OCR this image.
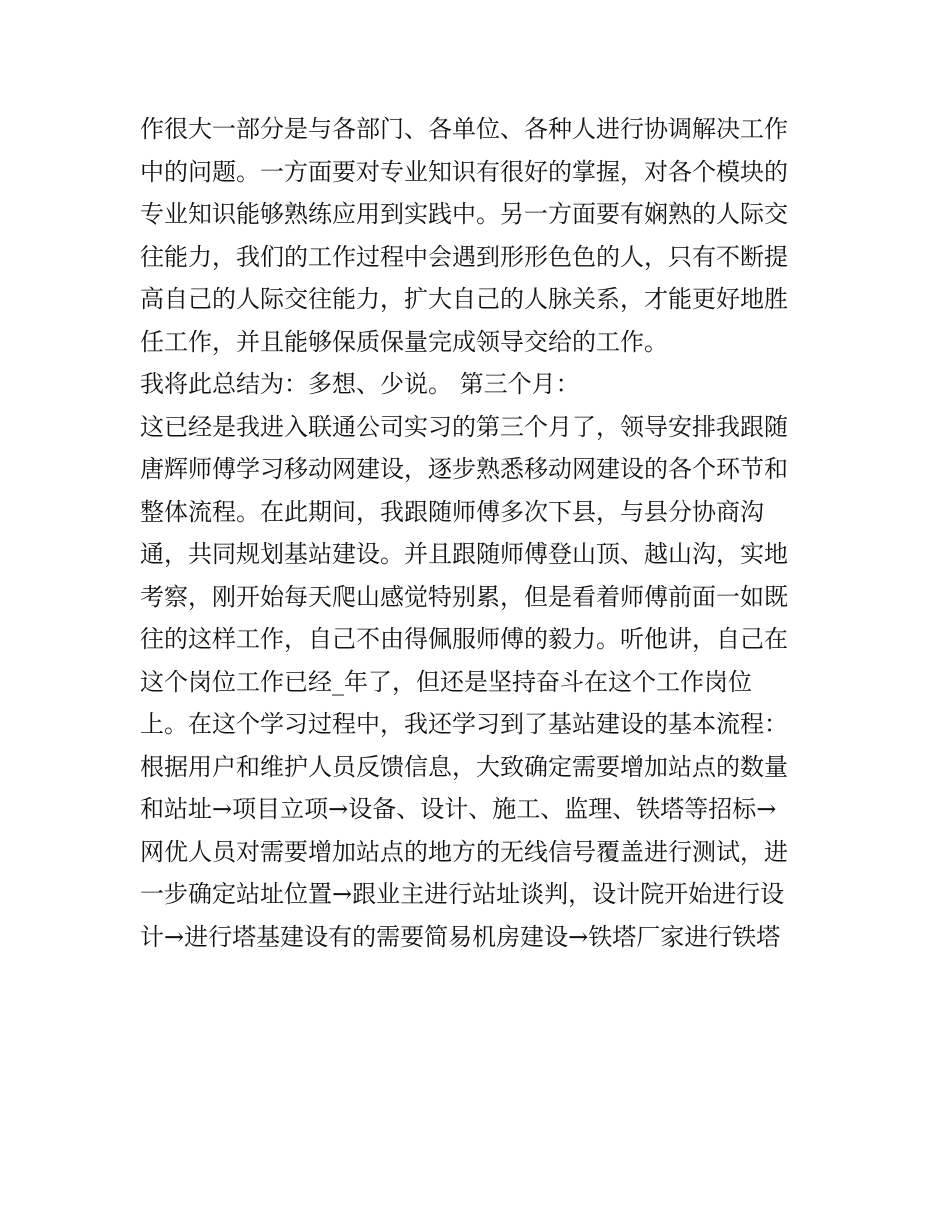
作很大一部分是与各部门、各单位、各种人进行协调解决工作
中的问题。一方面要对专业知识有很好的掌握，对各个模块的
专业知识能够熟练应用到实践中。另一方面要有娴熟的人际交
往能力，我们的工作过程中会遇到形形色色的人，只有不断提
高自己的人际交往能力，扩大自己的人脉关系，才能更好地胜
任工作，并且能够保质保量完成领导交给的工作。
我将此总结为：多想、少说。 第三个月：
这已经是我进入联通公司实习的第三个月了，领导安排我跟随
唐辉师傅学习移动网建设，逐步熟悉移动网建设的各个环节和
整体流程。在此期间，我跟随师傅多次下县，与县分协商沟
通，共同规划基站建设。并且跟随师傅登山顶、越山沟，实地
考察，刚开始每天爬山感觉特别累，但是看着师傅前面一如既
往的这样工作，自己不由得佩服师傅的毅力。听他讲，自己在
这个岗位工作已经_年了，但还是坚持奋斗在这个工作岗位
上。在这个学习过程中，我还学习到了基站建设的基本流程：
根据用户和维护人员反馈信息，大致确定需要增加站点的数量
和站址→项目立项→设备、设计、施工、监理、铁塔等招标→
网优人员对需要增加站点的地方的无线信号覆盖进行测试，进
一步确定站址位置→跟业主进行站址谈判，设计院开始进行设
计→进行塔基建设有的需要简易机房建设→铁塔厂家进行铁塔
